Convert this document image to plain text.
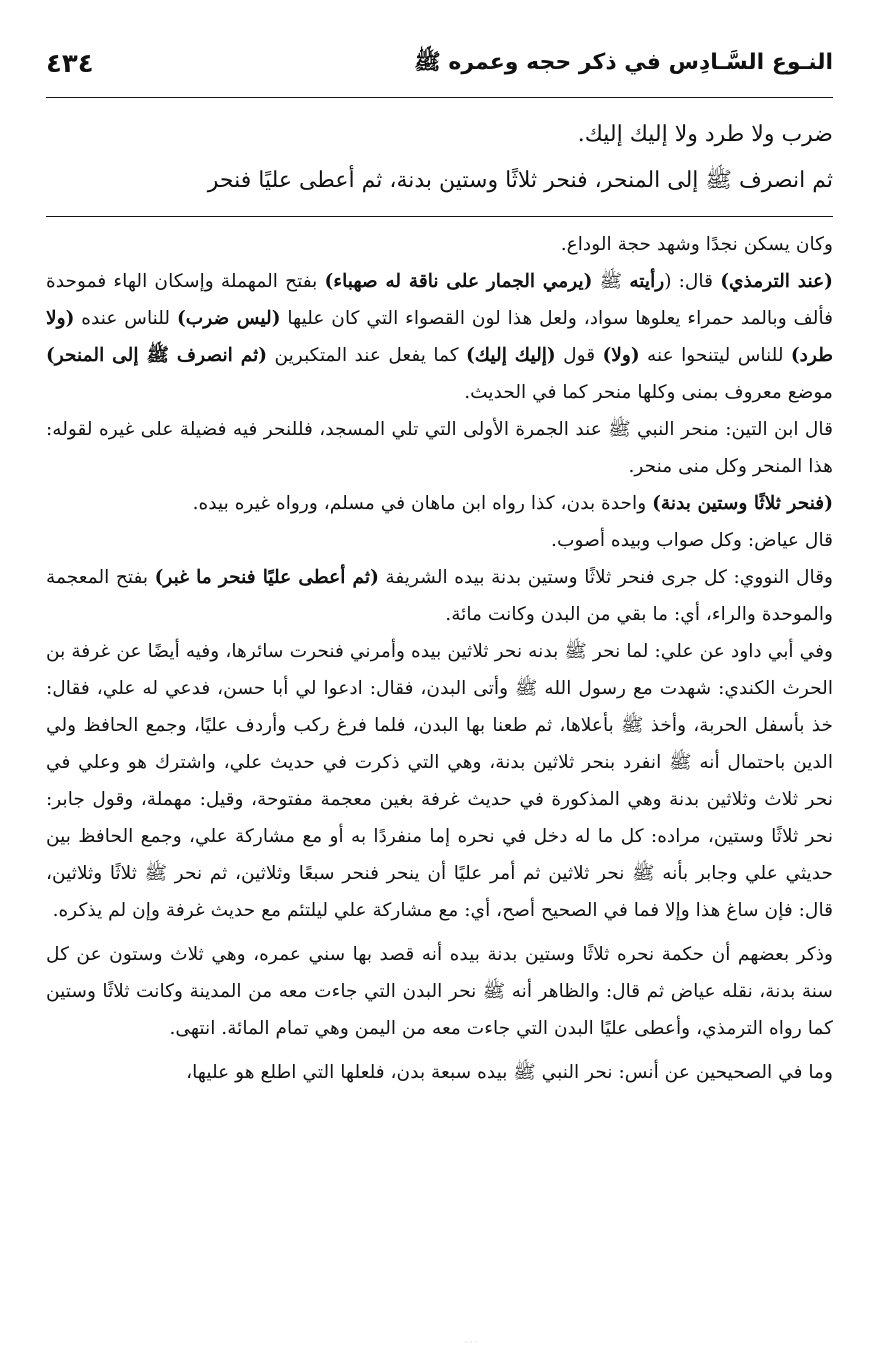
النـوع السَّـادِس في ذكر حجه وعمره ﷺ
٤٣٤

ضرب ولا طرد ولا إليك إليك.

ثم انصرف ﷺ إلى المنحر، فنحر ثلاثًا وستين بدنة، ثم أعطى عليًا فنحر

وكان يسكن نجدًا وشهد حجة الوداع.

(عند الترمذي) قال: (رأيته ﷺ (يرمي الجمار على ناقة له صهباء) بفتح المهملة وإسكان الهاء فموحدة فألف وبالمد حمراء يعلوها سواد، ولعل هذا لون القصواء التي كان عليها (ليس ضرب) للناس عنده (ولا طرد) للناس ليتنحوا عنه (ولا) قول (إليك إليك) كما يفعل عند المتكبرين (ثم انصرف ﷺ إلى المنحر) موضع معروف بمنى وكلها منحر كما في الحديث.

قال ابن التين: منحر النبي ﷺ عند الجمرة الأولى التي تلي المسجد، فللنحر فيه فضيلة على غيره لقوله: هذا المنحر وكل منى منحر.

(فنحر ثلاثًا وستين بدنة) واحدة بدن، كذا رواه ابن ماهان في مسلم، ورواه غيره بيده.

قال عياض: وكل صواب وبيده أصوب.

وقال النووي: كل جرى فنحر ثلاثًا وستين بدنة بيده الشريفة (ثم أعطى عليًا فنحر ما غبر) بفتح المعجمة والموحدة والراء، أي: ما بقي من البدن وكانت مائة.

وفي أبي داود عن علي: لما نحر ﷺ بدنه نحر ثلاثين بيده وأمرني فنحرت سائرها، وفيه أيضًا عن غرفة بن الحرث الكندي: شهدت مع رسول الله ﷺ وأتى البدن، فقال: ادعوا لي أبا حسن، فدعي له علي، فقال: خذ بأسفل الحربة، وأخذ ﷺ بأعلاها، ثم طعنا بها البدن، فلما فرغ ركب وأردف عليًا، وجمع الحافظ ولي الدين باحتمال أنه ﷺ انفرد بنحر ثلاثين بدنة، وهي التي ذكرت في حديث علي، واشترك هو وعلي في نحر ثلاث وثلاثين بدنة وهي المذكورة في حديث غرفة بغين معجمة مفتوحة، وقيل: مهملة، وقول جابر: نحر ثلاثًا وستين، مراده: كل ما له دخل في نحره إما منفردًا به أو مع مشاركة علي، وجمع الحافظ بين حديثي علي وجابر بأنه ﷺ نحر ثلاثين ثم أمر عليًا أن ينحر فنحر سبعًا وثلاثين، ثم نحر ﷺ ثلاثًا وثلاثين، قال: فإن ساغ هذا وإلا فما في الصحيح أصح، أي: مع مشاركة علي ليلتئم مع حديث غرفة وإن لم يذكره.

وذكر بعضهم أن حكمة نحره ثلاثًا وستين بدنة بيده أنه قصد بها سني عمره، وهي ثلاث وستون عن كل سنة بدنة، نقله عياض ثم قال: والظاهر أنه ﷺ نحر البدن التي جاءت معه من المدينة وكانت ثلاثًا وستين كما رواه الترمذي، وأعطى عليًا البدن التي جاءت معه من اليمن وهي تمام المائة. انتهى.

وما في الصحيحين عن أنس: نحر النبي ﷺ بيده سبعة بدن، فلعلها التي اطلع هو عليها،

· · ·
